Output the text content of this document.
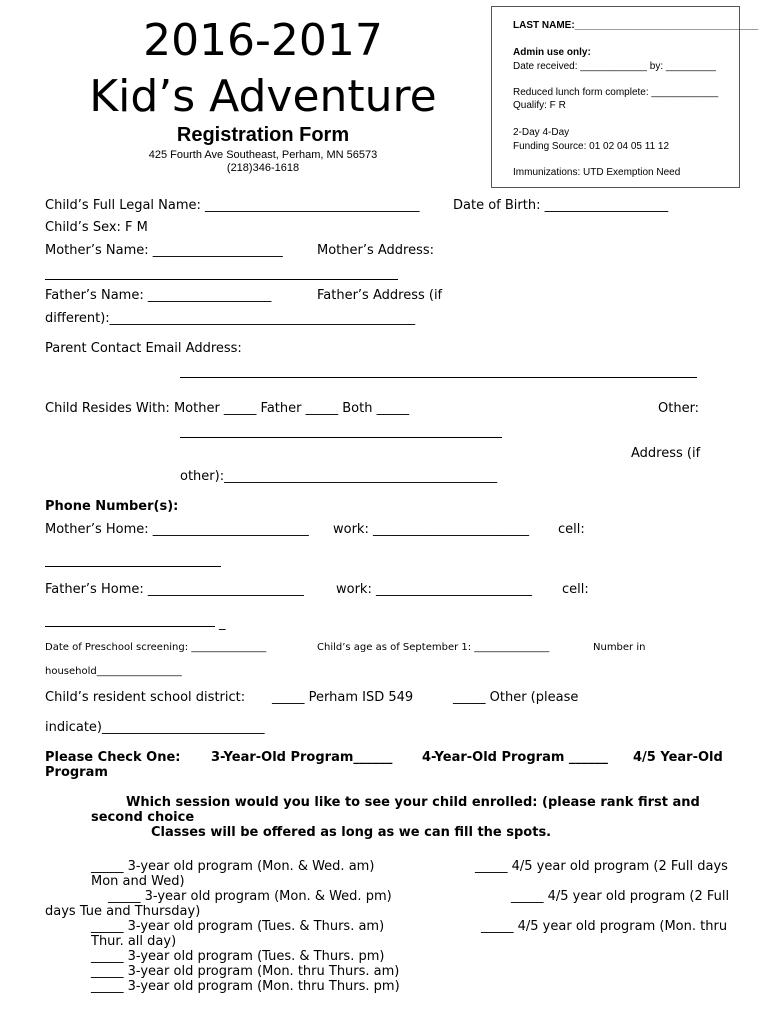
2016-2017
Kid’s Adventure
Registration Form
425 Fourth Ave Southeast, Perham, MN 56573
(218)346-1618
LAST NAME:_________________________________
Admin use only:
Date received: ____________ by: _________
Reduced lunch form complete: ____________
Qualify: F R
2-Day 4-Day
Funding Source: 01 02 04 05 11 12
Immunizations: UTD Exemption Need
Child’s Full Legal Name: _________________________________	Date of Birth: ___________________
Child’s Sex: F M
Mother’s Name: ____________________	Mother’s Address:
Father’s Name: ___________________	Father’s Address (if
different):_______________________________________________
Parent Contact Email Address:
Child Resides With: Mother _____ Father _____ Both _____	Other:
Address (if
other):__________________________________________
Phone Number(s):
Mother’s Home: ________________________ work: ________________________ cell:
Father’s Home: ________________________ work: ________________________ cell:
_
Date of Preschool screening: _______________	Child’s age as of September 1: _______________	Number in
household_________________
Child’s resident school district: _____ Perham ISD 549	_____ Other (please
indicate)_________________________
Please Check One: 3-Year-Old Program______ 4-Year-Old Program ______ 4/5 Year-Old
Program
Which session would you like to see your child enrolled: (please rank first and
second choice
Classes will be offered as long as we can fill the spots.
_____ 3-year old program (Mon. & Wed. am)	_____ 4/5 year old program (2 Full days
Mon and Wed)
_____ 3-year old program (Mon. & Wed. pm)	_____ 4/5 year old program (2 Full
days Tue and Thursday)
_____ 3-year old program (Tues. & Thurs. am)	_____ 4/5 year old program (Mon. thru
Thur. all day)
_____ 3-year old program (Tues. & Thurs. pm)
_____ 3-year old program (Mon. thru Thurs. am)
_____ 3-year old program (Mon. thru Thurs. pm)
